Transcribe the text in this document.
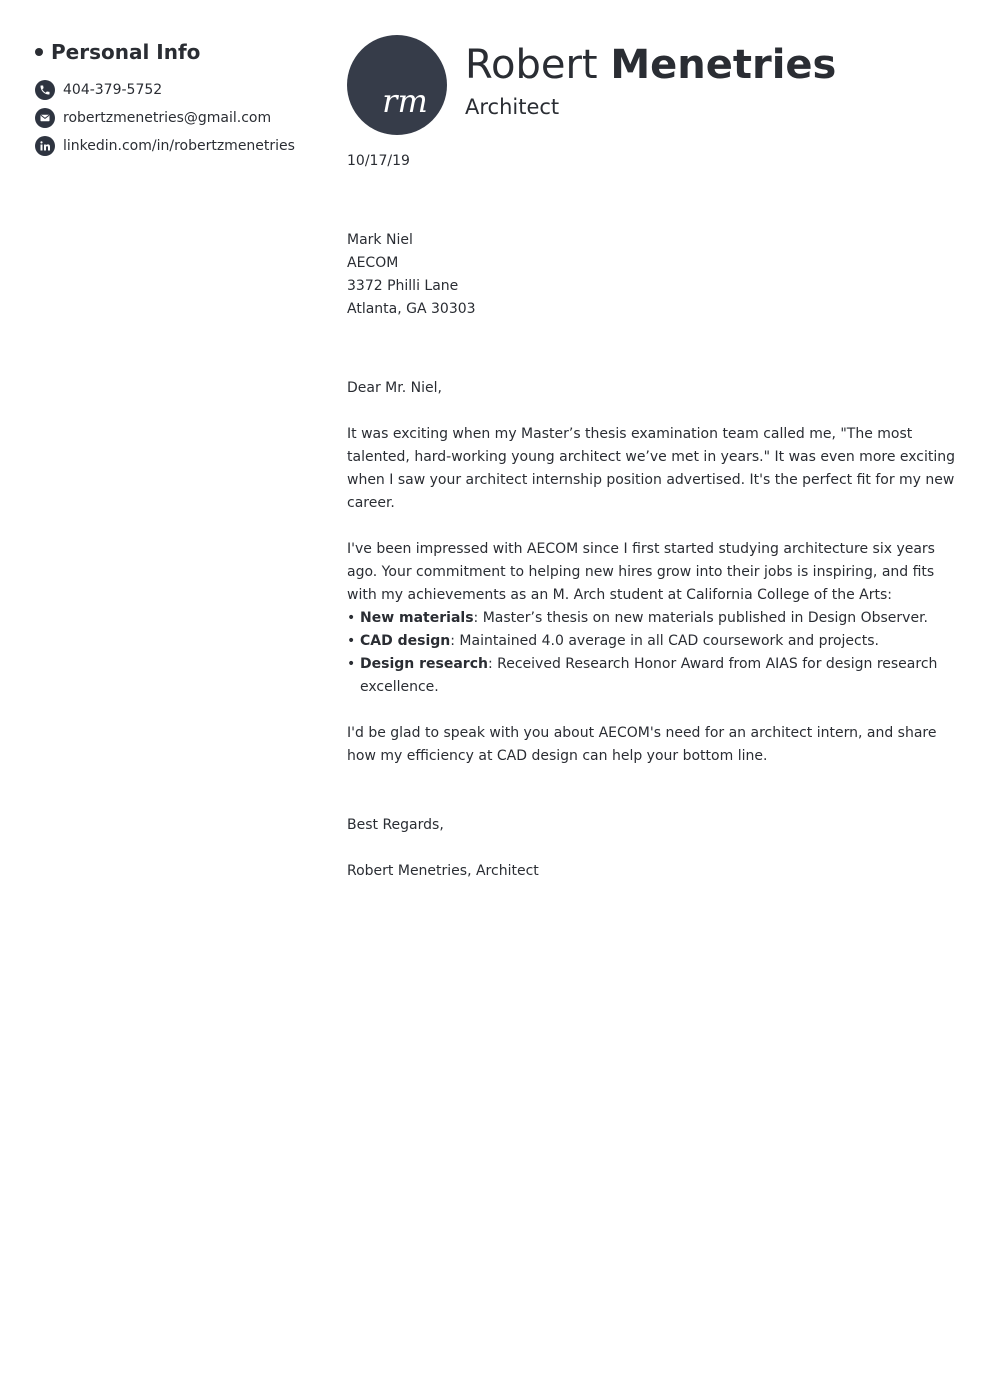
Personal Info
404-379-5752
robertzmenetries@gmail.com
linkedin.com/in/robertzmenetries
rm
Robert Menetries
Architect

10/17/19

Mark Niel
AECOM
3372 Philli Lane
Atlanta, GA 30303

Dear Mr. Niel,

It was exciting when my Master’s thesis examination team called me, "The most talented, hard-working young architect we’ve met in years." It was even more exciting when I saw your architect internship position advertised. It's the perfect fit for my new career.

I've been impressed with AECOM since I first started studying architecture six years ago. Your commitment to helping new hires grow into their jobs is inspiring, and fits with my achievements as an M. Arch student at California College of the Arts:

• New materials: Master’s thesis on new materials published in Design Observer.
• CAD design: Maintained 4.0 average in all CAD coursework and projects.
• Design research: Received Research Honor Award from AIAS for design research excellence.

I'd be glad to speak with you about AECOM's need for an architect intern, and share how my efficiency at CAD design can help your bottom line.

Best Regards,

Robert Menetries, Architect
